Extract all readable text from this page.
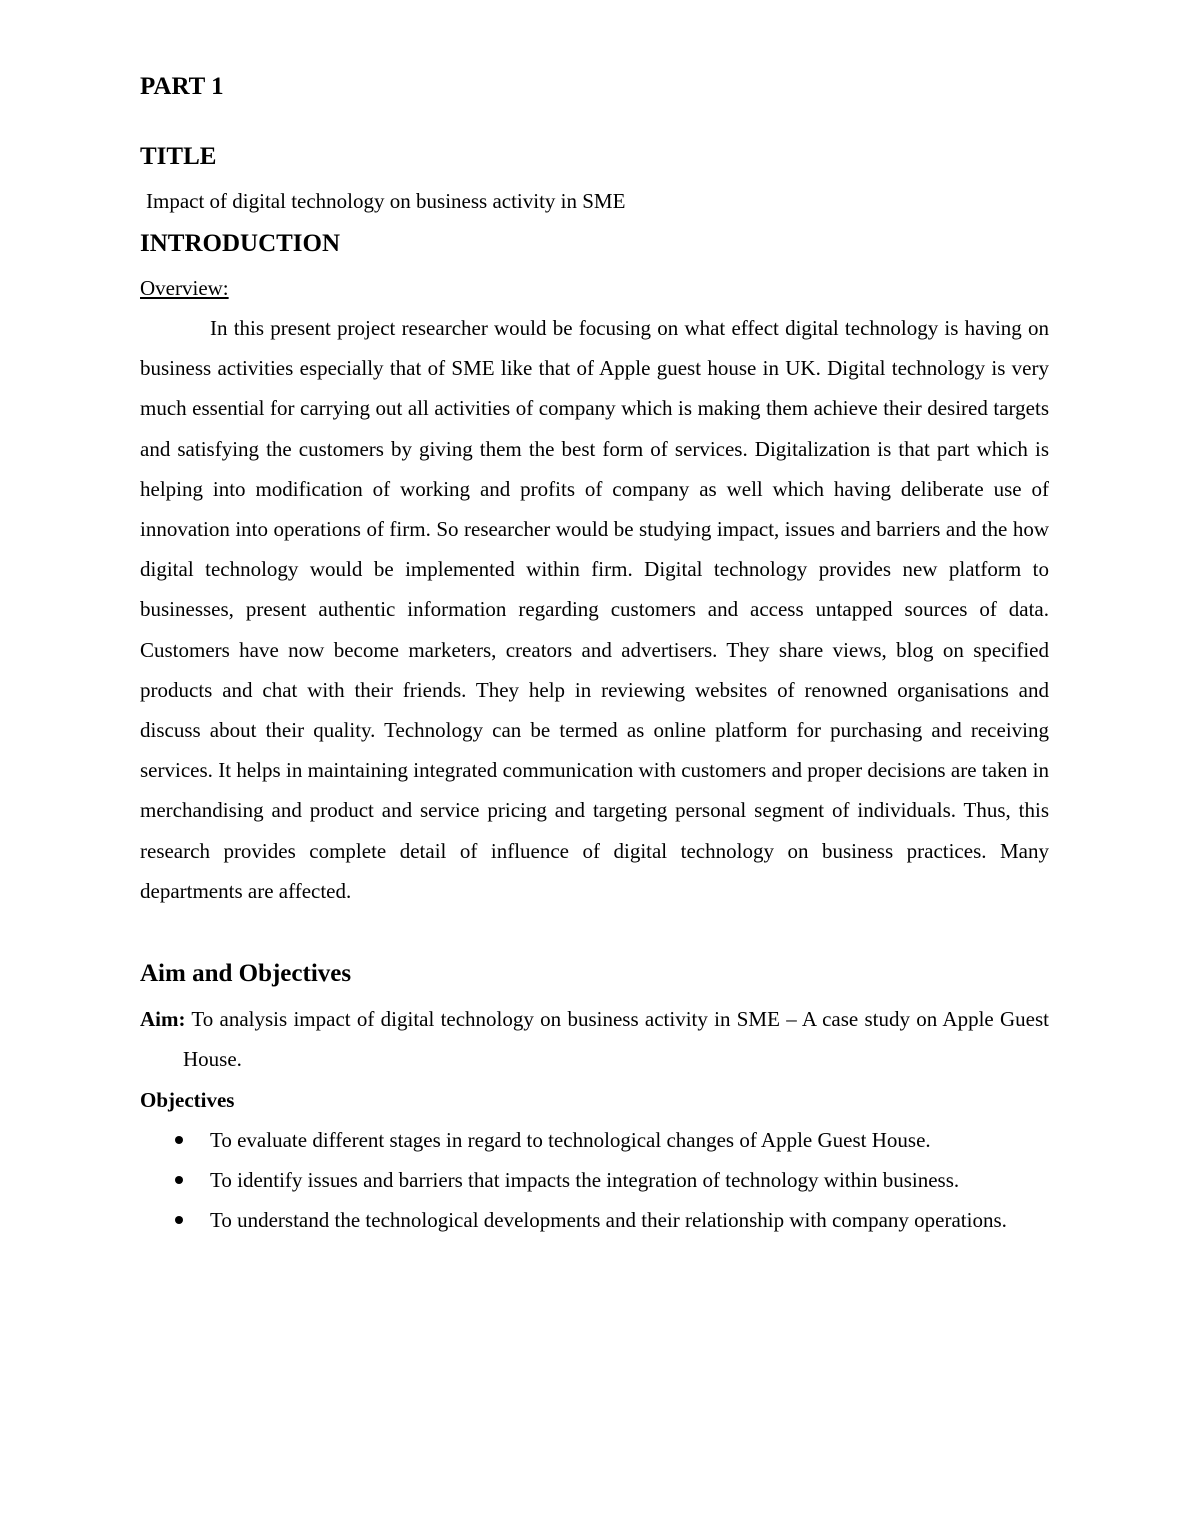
PART 1
TITLE

Impact of digital technology on business activity in SME

INTRODUCTION

Overview:

In this present project researcher would be focusing on what effect digital technology is having on business activities especially that of SME like that of Apple guest house in UK. Digital technology is very much essential for carrying out all activities of company which is making them achieve their desired targets and satisfying the customers by giving them the best form of services. Digitalization is that part which is helping into modification of working and profits of company as well which having deliberate use of innovation into operations of firm. So researcher would be studying impact, issues and barriers and the how digital technology would be implemented within firm. Digital technology provides new platform to businesses, present authentic information regarding customers and access untapped sources of data. Customers have now become marketers, creators and advertisers. They share views, blog on specified products and chat with their friends. They help in reviewing websites of renowned organisations and discuss about their quality. Technology can be termed as online platform for purchasing and receiving services. It helps in maintaining integrated communication with customers and proper decisions are taken in merchandising and product and service pricing and targeting personal segment of individuals. Thus, this research provides complete detail of influence of digital technology on business practices. Many departments are affected.

Aim and Objectives

Aim: To analysis impact of digital technology on business activity in SME – A case study on Apple Guest House.

Objectives

To evaluate different stages in regard to technological changes of Apple Guest House.
To identify issues and barriers that impacts the integration of technology within business.
To understand the technological developments and their relationship with company operations.
